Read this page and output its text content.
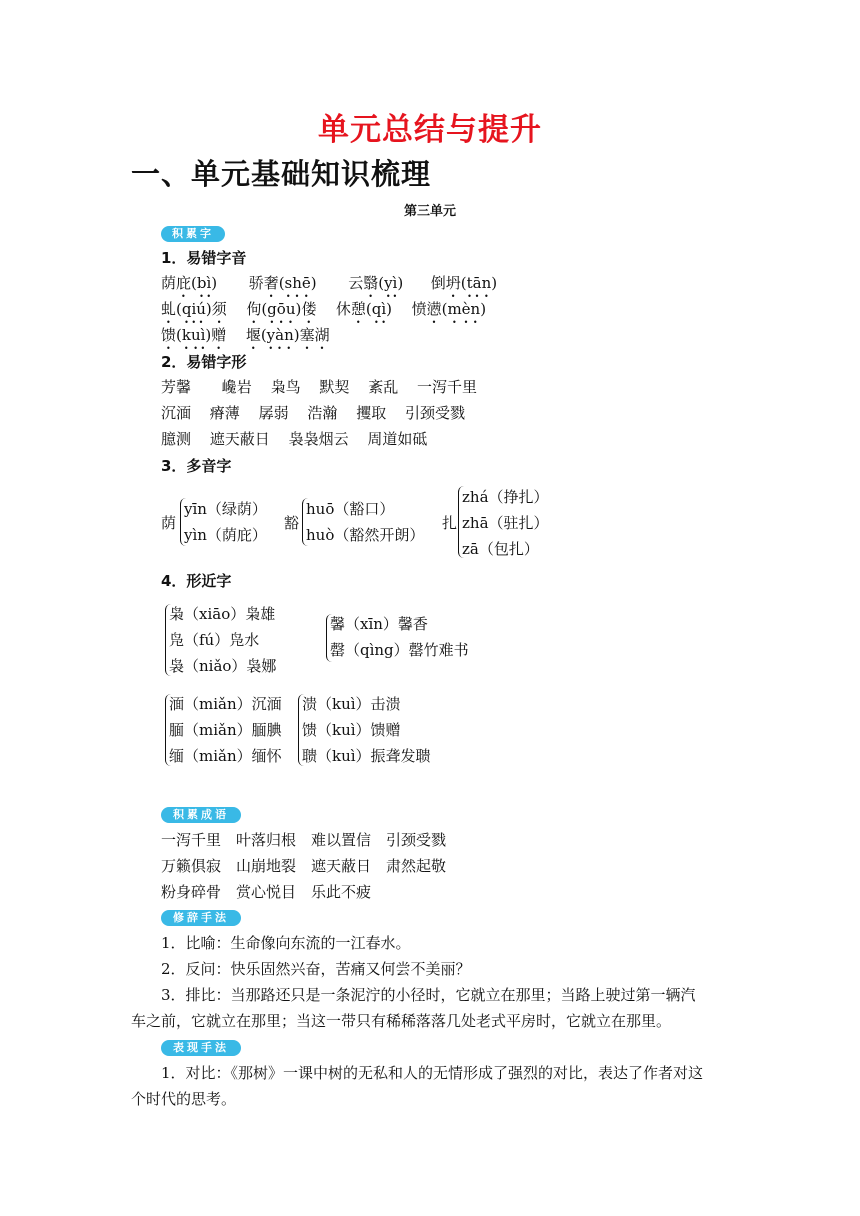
单元总结与提升
一、单元基础知识梳理
第三单元
积累字
1．易错字音
荫庇(bì) 骄奢(shē) 云翳(yì) 倒坍(tān)
虬(qiú)须 佝(gōu)偻 休憩(qì) 愤懑(mèn)
馈(kuì)赠 堰(yàn)塞湖
2．易错字形
芳馨 巉岩 枭鸟 默契 紊乱 一泻千里
沉湎 瘠薄 孱弱 浩瀚 攫取 引颈受戮
臆测 遮天蔽日 袅袅烟云 周道如砥
3．多音字
荫
yīn（绿荫）
yìn（荫庇）
豁
huō（豁口）
huò（豁然开朗）
扎
zhá（挣扎）
zhā（驻扎）
zā（包扎）
4．形近字
枭（xiāo）枭雄
凫（fú）凫水
袅（niǎo）袅娜
馨（xīn）馨香
罄（qìng）罄竹难书
湎（miǎn）沉湎
腼（miǎn）腼腆
缅（miǎn）缅怀
溃（kuì）击溃
馈（kuì）馈赠
聩（kuì）振聋发聩
积累成语
一泻千里　叶落归根　难以置信　引颈受戮
万籁俱寂　山崩地裂　遮天蔽日　肃然起敬
粉身碎骨　赏心悦目　乐此不疲
修辞手法
1．比喻：生命像向东流的一江春水。
2．反问：快乐固然兴奋，苦痛又何尝不美丽？
3．排比：当那路还只是一条泥泞的小径时，它就立在那里；当路上驶过第一辆汽
车之前，它就立在那里；当这一带只有稀稀落落几处老式平房时，它就立在那里。
表现手法
1．对比：《那树》一课中树的无私和人的无情形成了强烈的对比，表达了作者对这
个时代的思考。
